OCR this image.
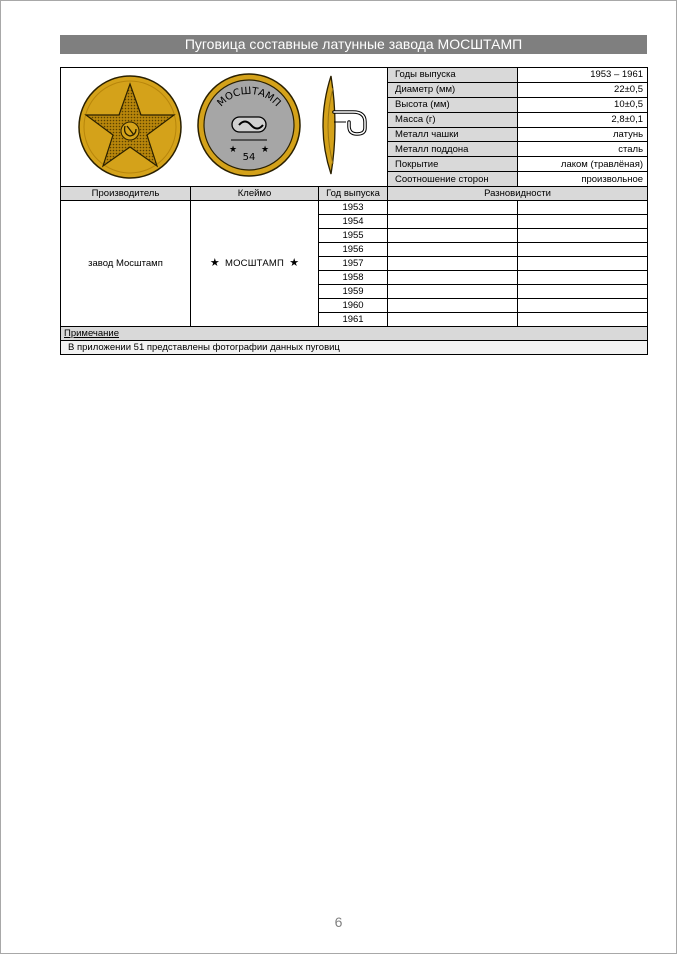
Пуговица составные латунные завода МОСШТАМП
МОСШТАМП
★ ★
54			Годы выпуска	1953 – 1961
			Диаметр (мм)	22±0,5
			Высота (мм)	10±0,5
			Масса (г)	2,8±0,1
			Металл чашки	латунь
			Металл поддона	сталь
			Покрытие	лаком (травлёная)
			Соотношение сторон	произвольное
Производитель	Клеймо	Год выпуска	Разновидности	
завод Мосштамп	★ МОСШТАМП ★	1953		
		1954		
		1955		
		1956		
		1957		
		1958		
		1959		
		1960		
		1961		
Примечание				
В приложении 51 представлены фотографии данных пуговиц				
6
